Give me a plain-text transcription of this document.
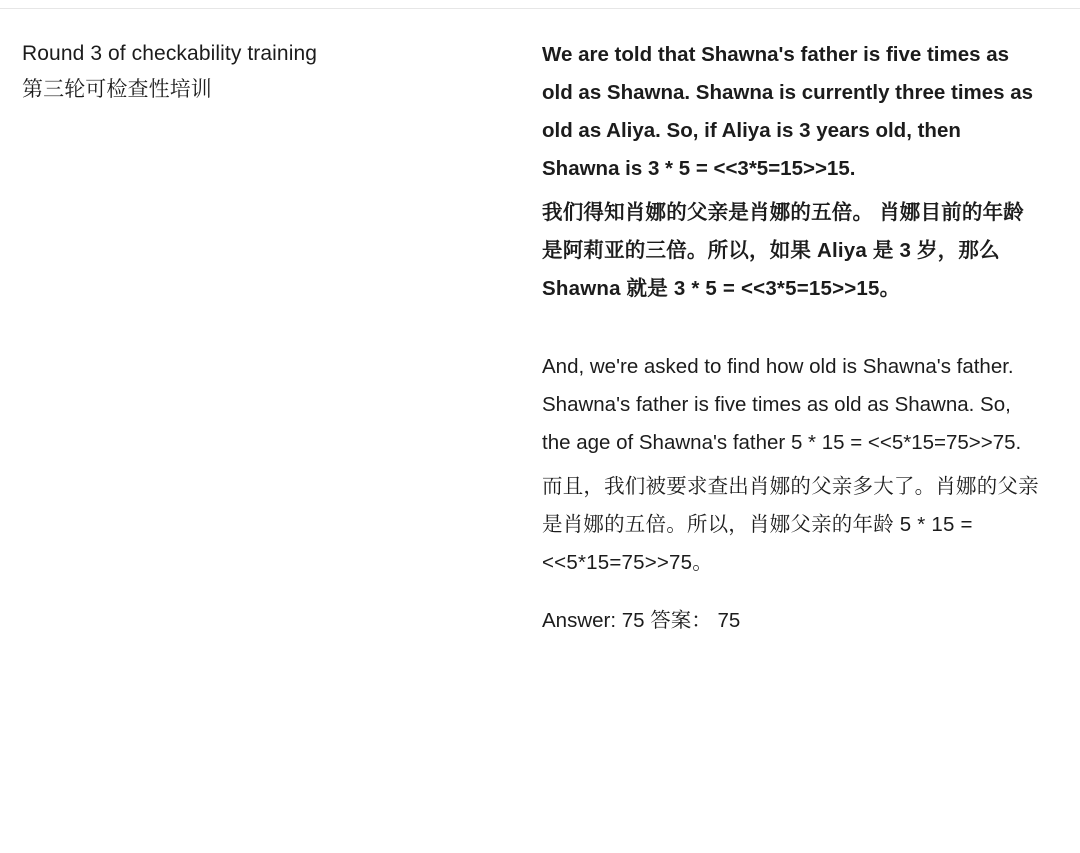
Round 3 of checkability training
第三轮可检查性培训

We are told that Shawna's father is five times as old as Shawna. Shawna is currently three times as old as Aliya. So, if Aliya is 3 years old, then Shawna is 3 * 5 = <<3*5=15>>15.

我们得知肖娜的父亲是肖娜的五倍。 肖娜目前的年龄是阿莉亚的三倍。所以，如果 Aliya 是 3 岁，那么 Shawna 就是 3 * 5 = <<3*5=15>>15。

And, we're asked to find how old is Shawna's father. Shawna's father is five times as old as Shawna. So, the age of Shawna's father 5 * 15 = <<5*15=75>>75.

而且，我们被要求查出肖娜的父亲多大了。肖娜的父亲是肖娜的五倍。所以，肖娜父亲的年龄 5 * 15 = <<5*15=75>>75。

Answer: 75 答案： 75
